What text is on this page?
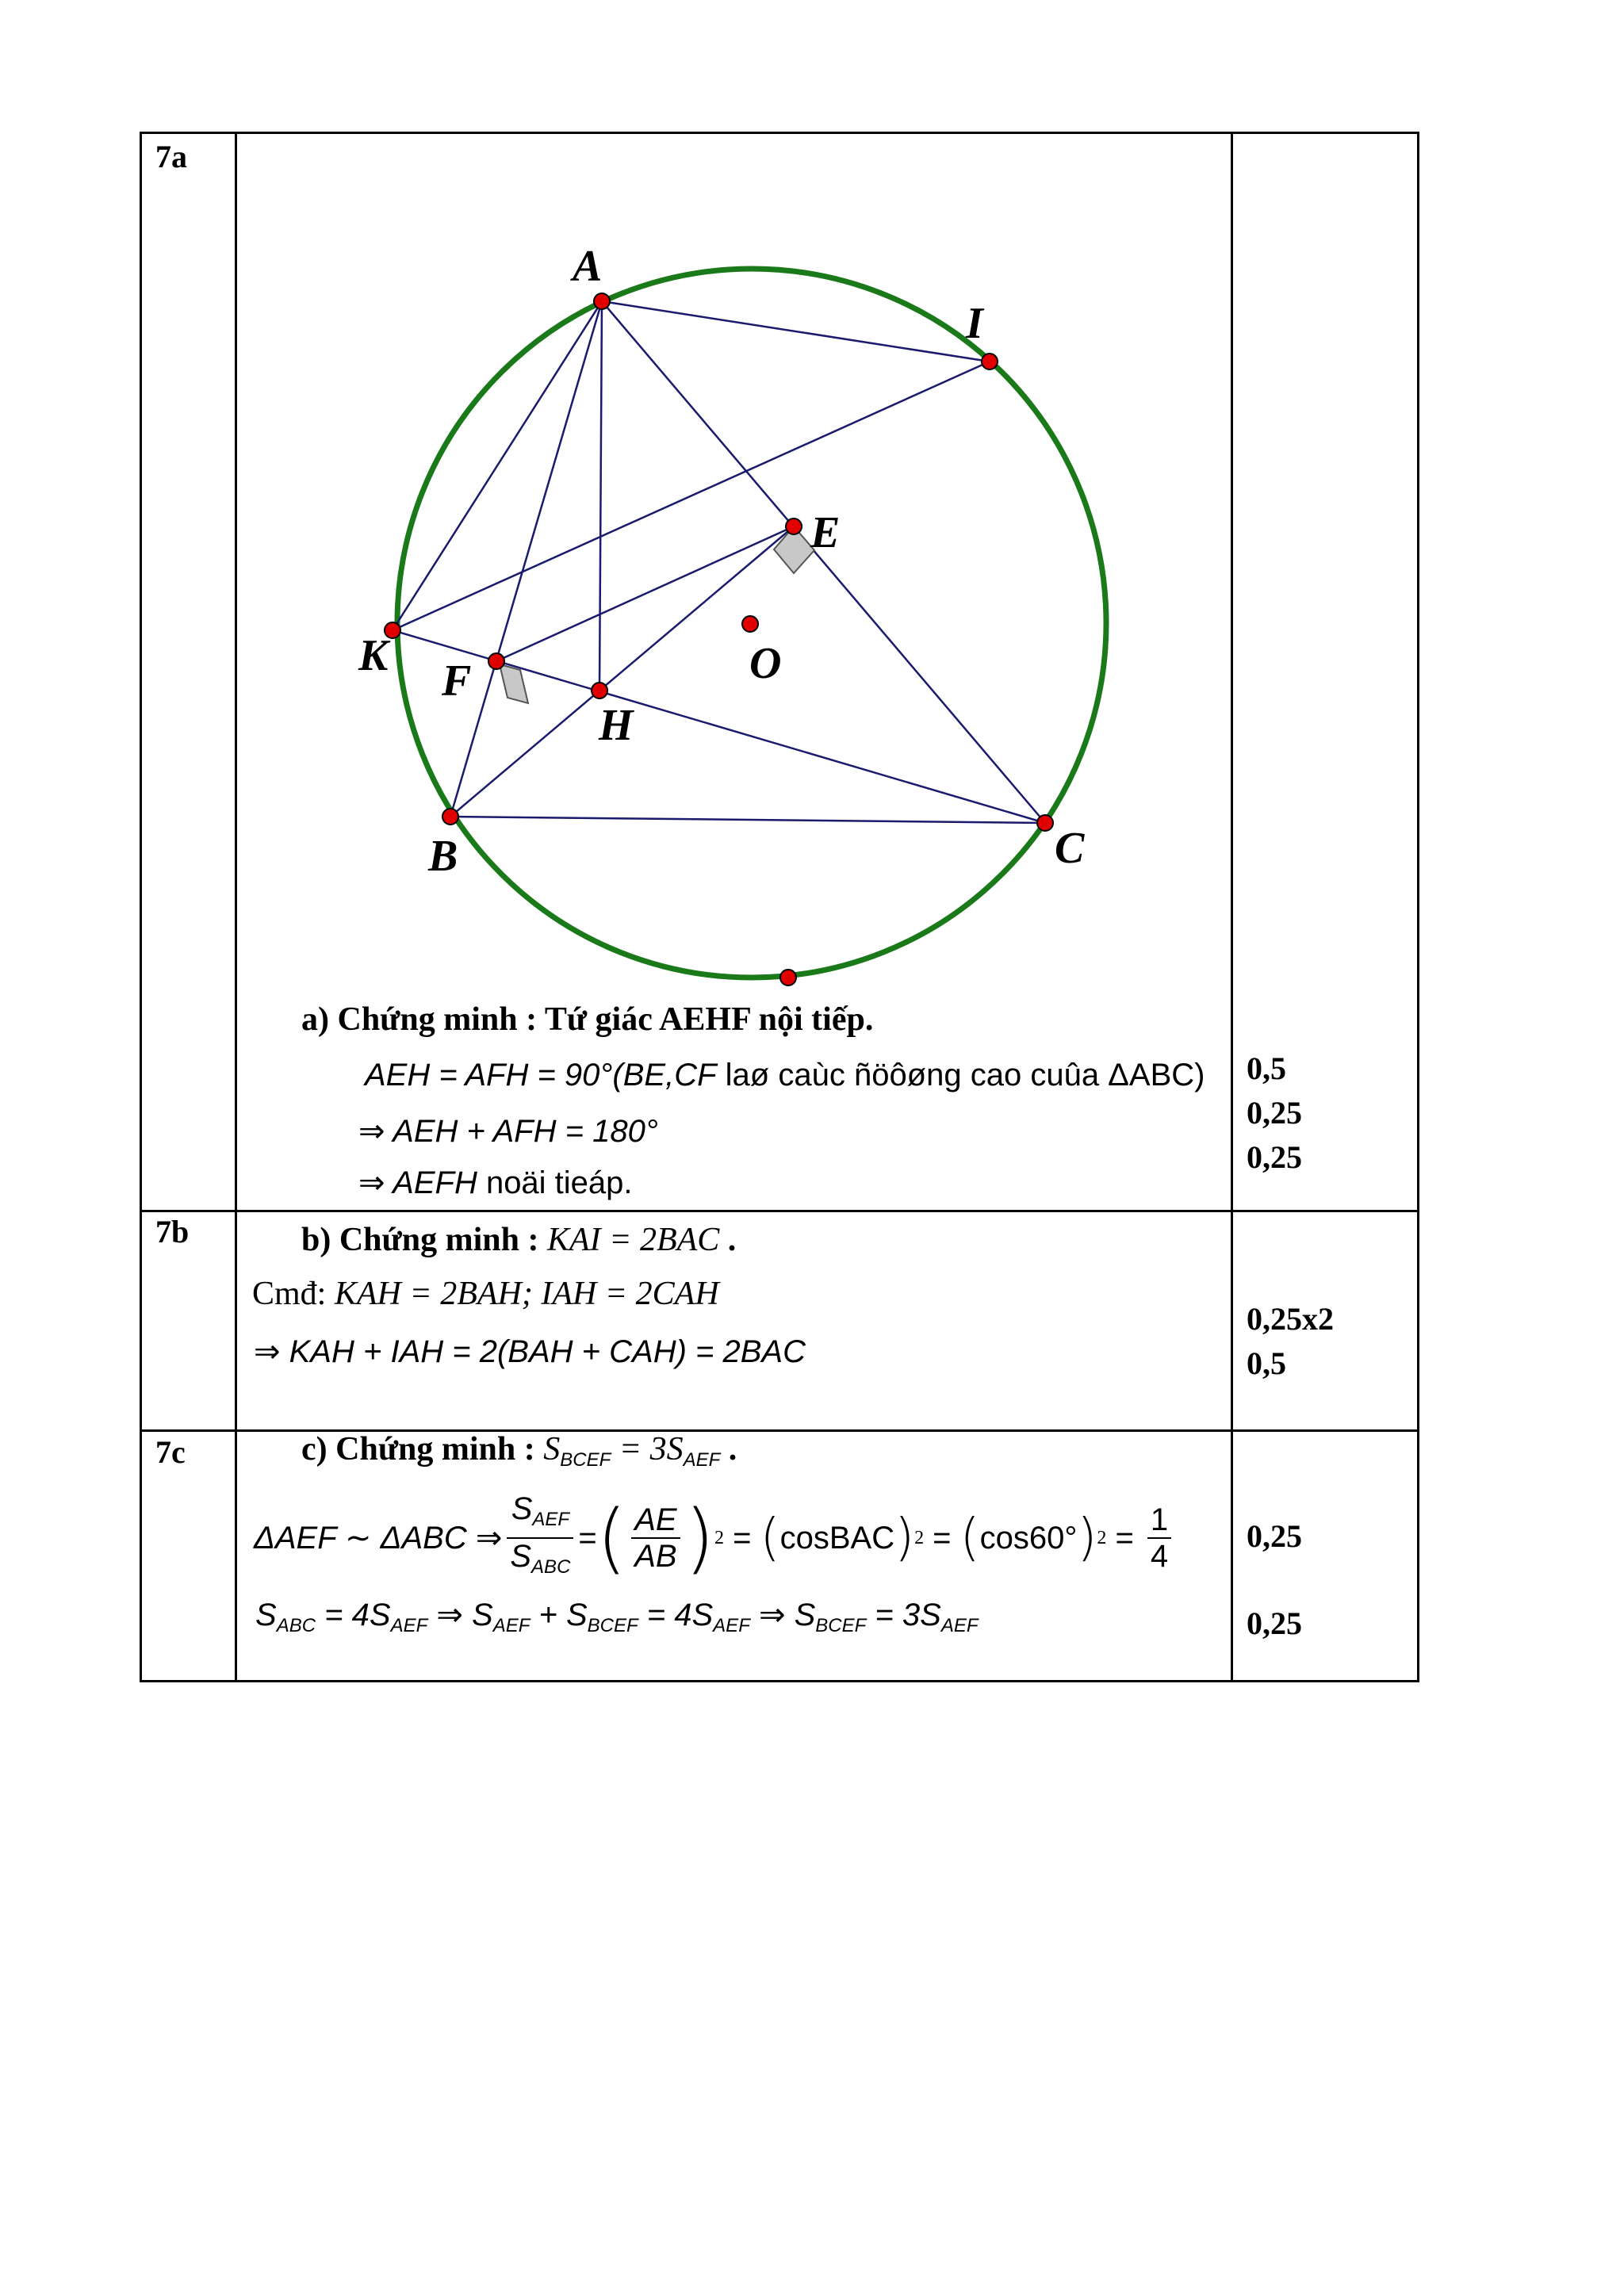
7a
7b
7c
A
I
E
O
K
F
H
B	C
a) Chứng minh : Tứ giác AEHF nội tiếp.
AEH = AFH = 90°(BE,CF laø caùc ñöôøng cao cuûa ΔABC)
⇒ AEH + AFH = 180°
⇒ AEFH noäi tieáp.
0,5
0,25
0,25
b) Chứng minh : KAI = 2BAC .
Cmđ: KAH = 2BAH; IAH = 2CAH
⇒ KAH + IAH = 2(BAH + CAH) = 2BAC
0,25x2
0,5
c) Chứng minh : $S_{BCEF} = 3S_{AEF}$ .
ΔAEF ∼ ΔABC ⇒ $\frac{S_{AEF}}{S_{ABC}}$ = ( $\frac{AE}{AB}$ ) 2 = ( cosBAC ) 2 = ( cos60° ) $2 = \frac{1}{4}$
$S_{ABC} = 4S_{AEF}$ ⇒ $S_{AEF} + S_{BCEF} = 4S_{AEF}$ ⇒ $S_{BCEF} = 3S_{AEF}$
0,25
0,25
